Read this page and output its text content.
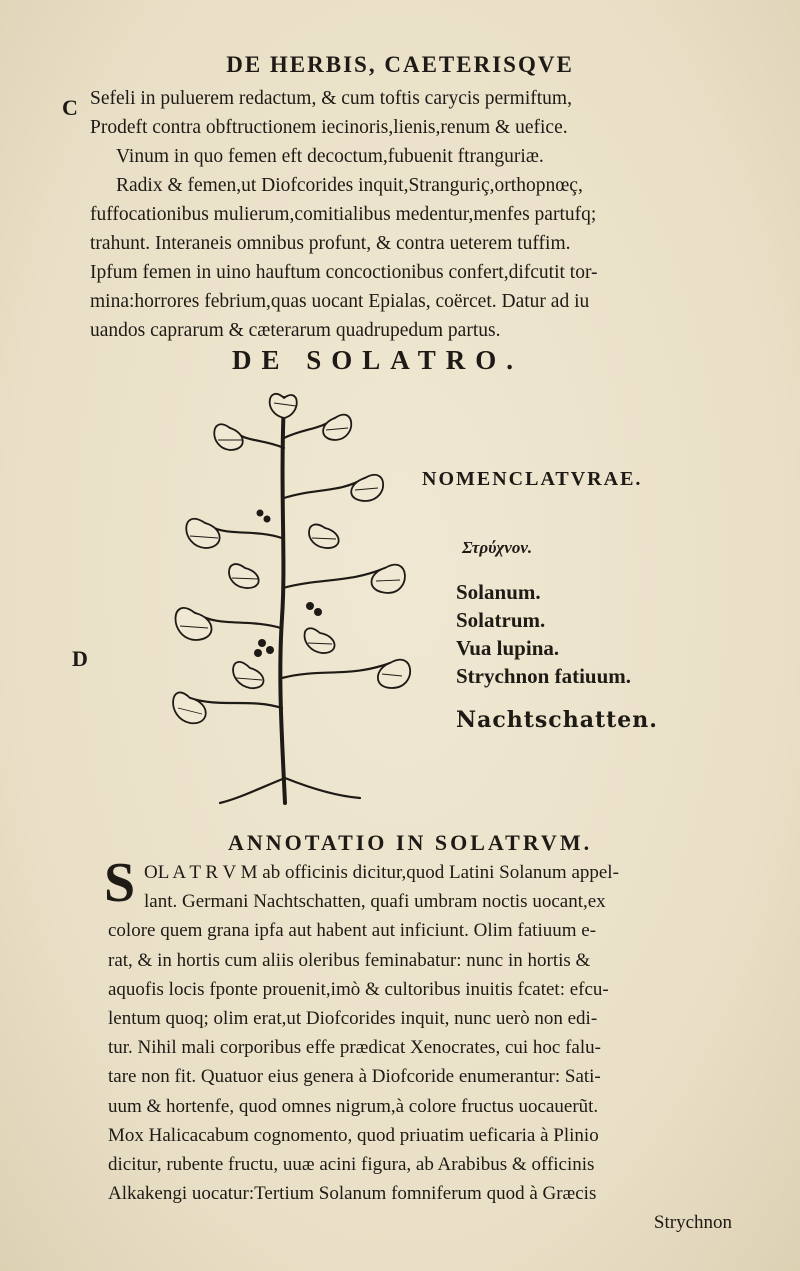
DE HERBIS, CAETERISQVE
C
D
Sefeli in puluerem redactum, & cum toftis carycis permiftum,
Prodeft contra obftructionem iecinoris,lienis,renum & uefice.
Vinum in quo femen eft decoctum,fubuenit ftranguriæ.
Radix & femen,ut Diofcorides inquit,Stranguriç,orthopnœç,
fuffocationibus mulierum,comitialibus medentur,menfes partufq;
trahunt. Interaneis omnibus profunt, & contra ueterem tuffim.
Ipfum femen in uino hauftum concoctionibus confert,difcutit tor-
mina:horrores febrium,quas uocant Epialas, coërcet. Datur ad iu
uandos caprarum & cæterarum quadrupedum partus.
DE SOLATRO.
NOMENCLATVRAE.
Στρύχνον.
Solanum.
Solatrum.
Vua lupina.
Strychnon fatiuum.
Nachtschatten.
ANNOTATIO IN SOLATRVM.
S OL A T R V M ab officinis dicitur,quod Latini Solanum appel-
lant. Germani Nachtschatten, quafi umbram noctis uocant,ex
colore quem grana ipfa aut habent aut inficiunt. Olim fatiuum e-
rat, & in hortis cum aliis oleribus feminabatur: nunc in hortis &
aquofis locis fponte prouenit,imò & cultoribus inuitis fcatet: efcu-
lentum quoq; olim erat,ut Diofcorides inquit, nunc uerò non edi-
tur. Nihil mali corporibus effe prædicat Xenocrates, cui hoc falu-
tare non fit. Quatuor eius genera à Diofcoride enumerantur: Sati-
uum & hortenfe, quod omnes nigrum,à colore fructus uocauerũt.
Mox Halicacabum cognomento, quod priuatim ueficaria à Plinio
dicitur, rubente fructu, uuæ acini figura, ab Arabibus & officinis
Alkakengi uocatur:Tertium Solanum fomniferum quod à Græcis
Strychnon
